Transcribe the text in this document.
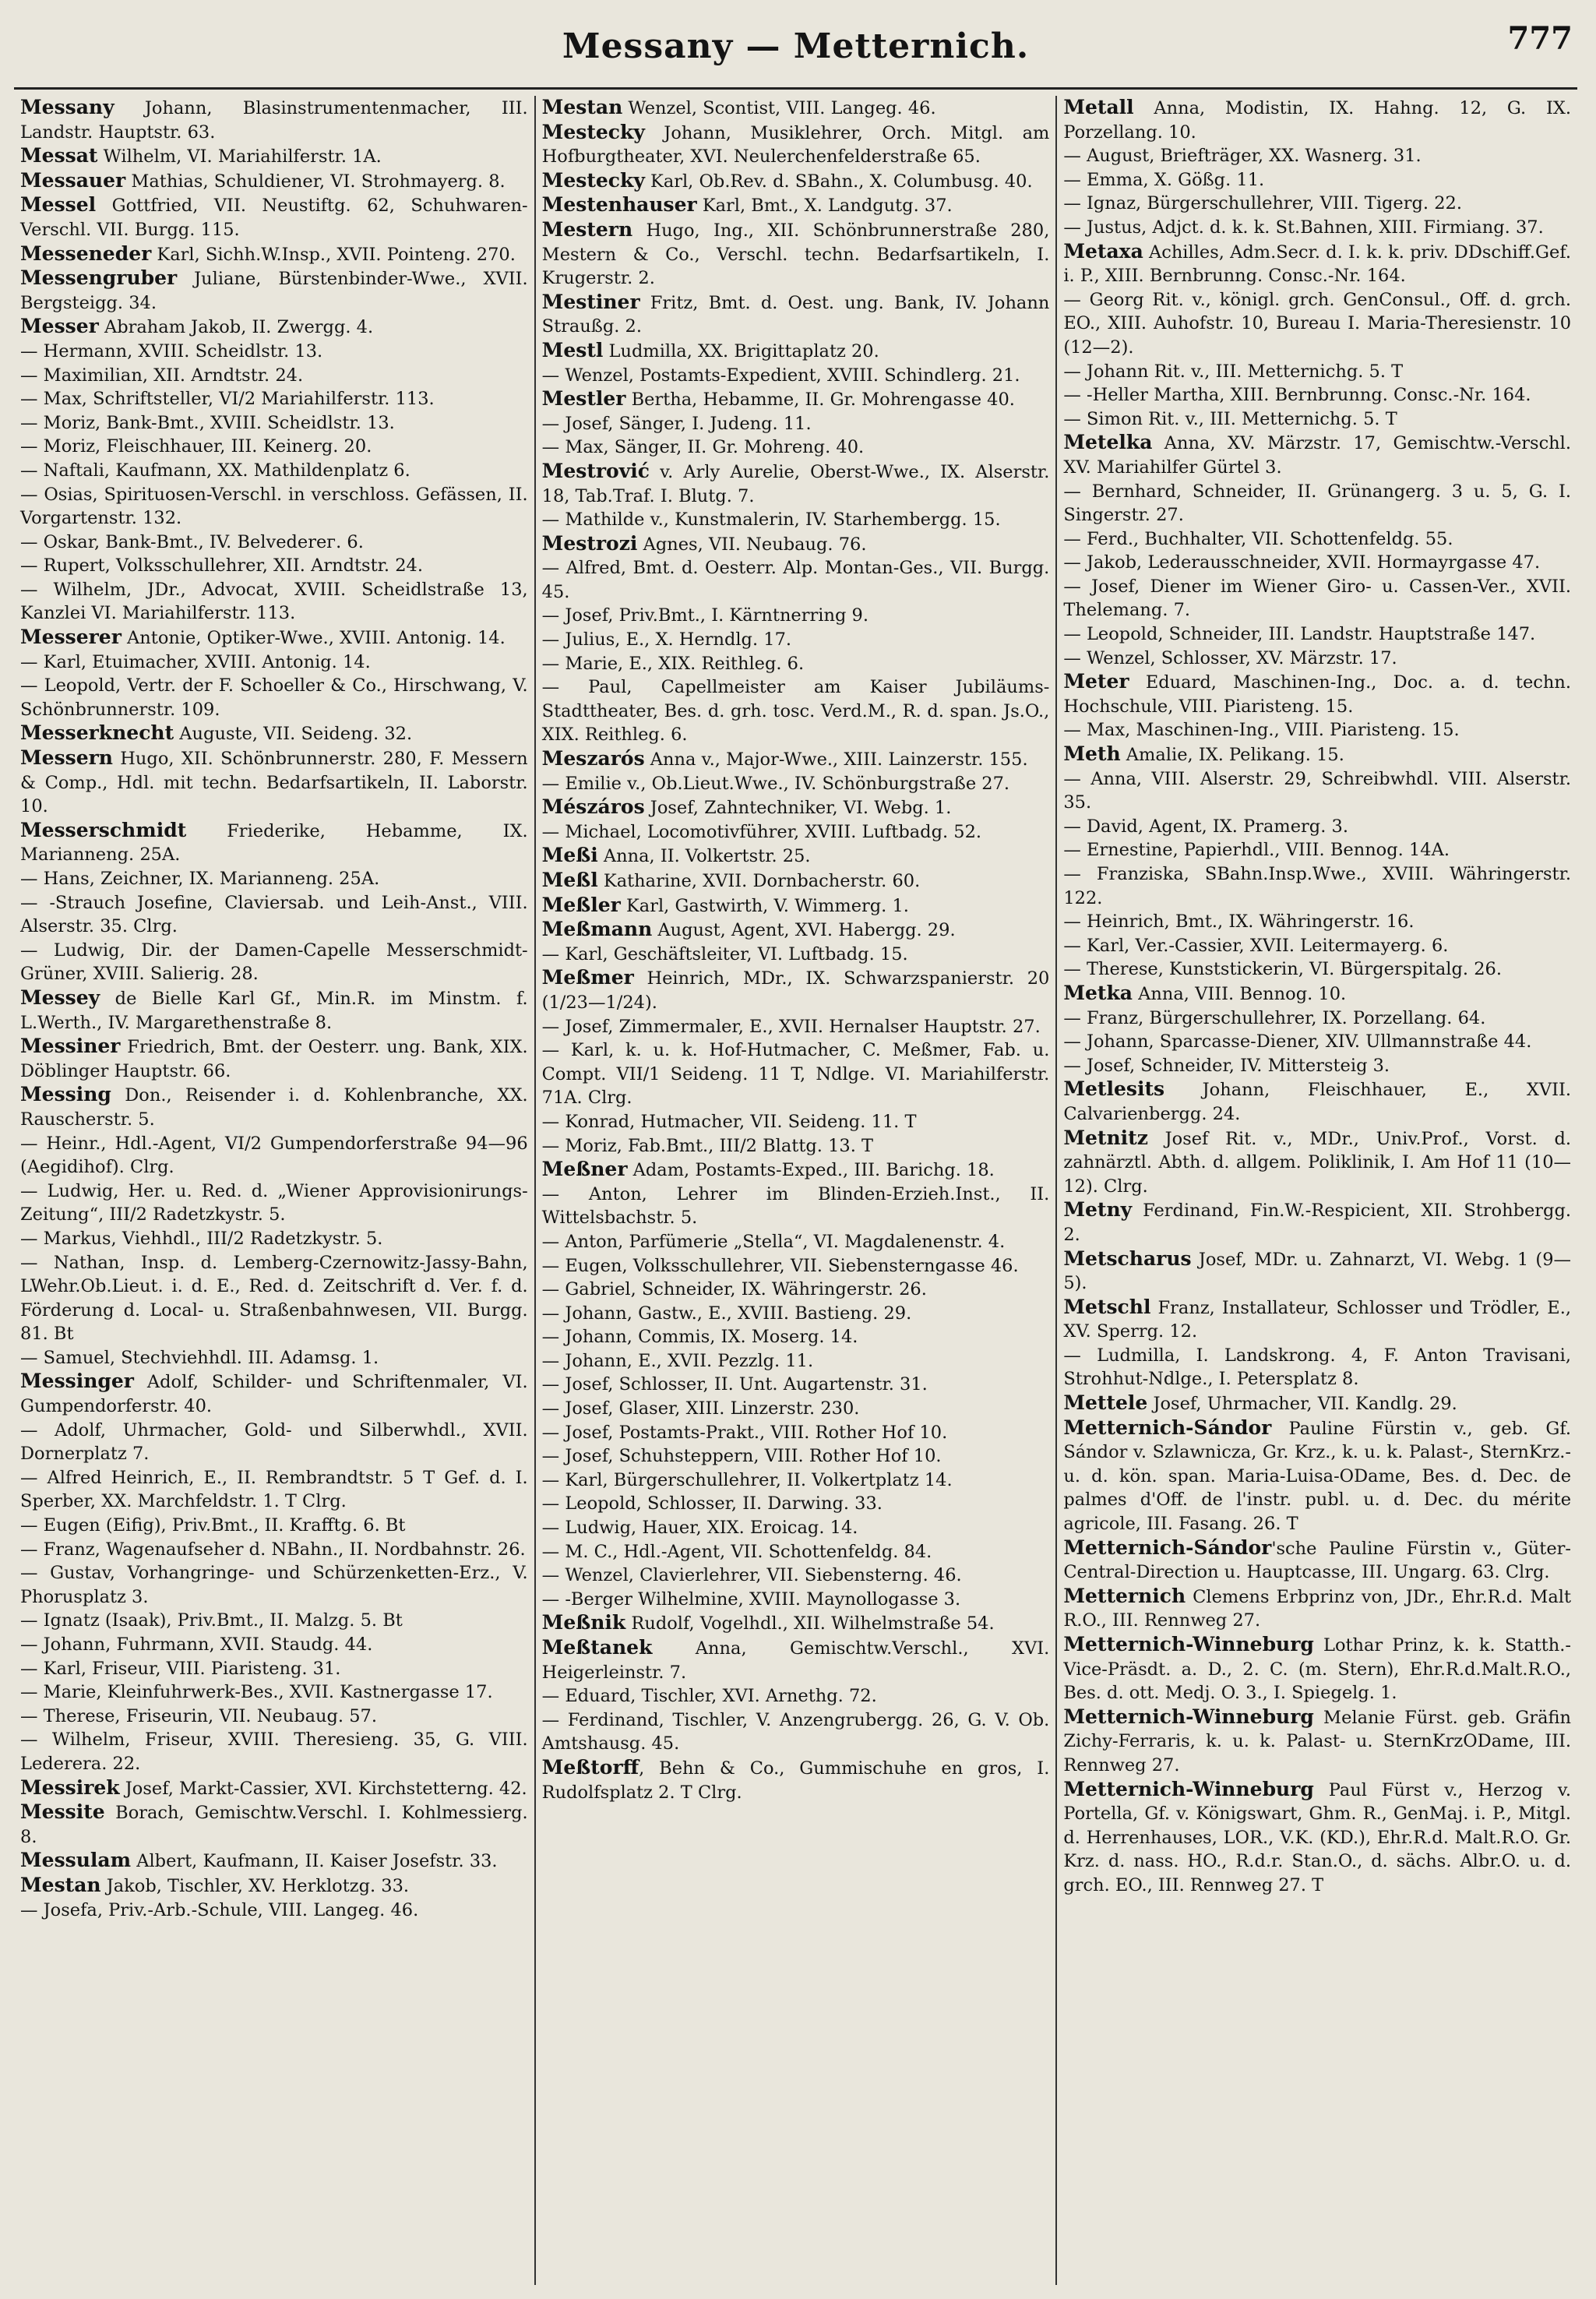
Messany — Metternich.	777

Messany Johann, Blasinstrumentenmacher, III. Landstr. Hauptstr. 63.

Messat Wilhelm, VI. Mariahilferstr. 1A.

Messauer Mathias, Schuldiener, VI. Strohmayerg. 8.

Messel Gottfried, VII. Neustiftg. 62, Schuhwaren-Verschl. VII. Burgg. 115.

Messeneder Karl, Sichh.W.Insp., XVII. Pointeng. 270.

Messengruber Juliane, Bürstenbinder-Wwe., XVII. Bergsteigg. 34.

Messer Abraham Jakob, II. Zwergg. 4.

— Hermann, XVIII. Scheidlstr. 13.

— Maximilian, XII. Arndtstr. 24.

— Max, Schriftsteller, VI/2 Mariahilferstr. 113.

— Moriz, Bank-Bmt., XVIII. Scheidlstr. 13.

— Moriz, Fleischhauer, III. Keinerg. 20.

— Naftali, Kaufmann, XX. Mathildenplatz 6.

— Osias, Spirituosen-Verschl. in verschloss. Gefässen, II. Vorgartenstr. 132.

— Oskar, Bank-Bmt., IV. Belvederег. 6.

— Rupert, Volksschullehrer, XII. Arndtstr. 24.

— Wilhelm, JDr., Advocat, XVIII. Scheidlstraße 13, Kanzlei VI. Mariahilferstr. 113.

Messerer Antonie, Optiker-Wwe., XVIII. Antonig. 14.

— Karl, Etuimacher, XVIII. Antonig. 14.

— Leopold, Vertr. der F. Schoeller & Co., Hirschwang, V. Schönbrunnerstr. 109.

Messerknecht Auguste, VII. Seideng. 32.

Messern Hugo, XII. Schönbrunnerstr. 280, F. Messern & Comp., Hdl. mit techn. Bedarfsartikeln, II. Laborstr. 10.

Messerschmidt Friederike, Hebamme, IX. Marianneng. 25A.

— Hans, Zeichner, IX. Marianneng. 25A.

— -Strauch Josefine, Claviersab. und Leih-Anst., VIII. Alserstr. 35. Clrg.

— Ludwig, Dir. der Damen-Capelle Messerschmidt-Grüner, XVIII. Salierig. 28.

Messey de Bielle Karl Gf., Min.R. im Minstm. f. L.Werth., IV. Margarethenstraße 8.

Messiner Friedrich, Bmt. der Oesterr. ung. Bank, XIX. Döblinger Hauptstr. 66.

Messing Don., Reisender i. d. Kohlenbranche, XX. Rauscherstr. 5.

— Heinr., Hdl.-Agent, VI/2 Gumpendorferstraße 94—96 (Aegidihof). Clrg.

— Ludwig, Her. u. Red. d. „Wiener Approvisionirungs-Zeitung“, III/2 Radetzkystr. 5.

— Markus, Viehhdl., III/2 Radetzkystr. 5.

— Nathan, Insp. d. Lemberg-Czernowitz-Jassy-Bahn, LWehr.Ob.Lieut. i. d. E., Red. d. Zeitschrift d. Ver. f. d. Förderung d. Local- u. Straßenbahnwesen, VII. Burgg. 81. Bt

— Samuel, Stechviehhdl. III. Adamsg. 1.

Messinger Adolf, Schilder- und Schriftenmaler, VI. Gumpendorferstr. 40.

— Adolf, Uhrmacher, Gold- und Silberwhdl., XVII. Dornerplatz 7.

— Alfred Heinrich, E., II. Rembrandtstr. 5 T Gef. d. I. Sperber, XX. Marchfeldstr. 1. T Clrg.

— Eugen (Eifig), Priv.Bmt., II. Krafftg. 6. Bt

— Franz, Wagenaufseher d. NBahn., II. Nordbahnstr. 26.

— Gustav, Vorhangringe- und Schürzenketten-Erz., V. Phorusplatz 3.

— Ignatz (Isaak), Priv.Bmt., II. Malzg. 5. Bt

— Johann, Fuhrmann, XVII. Staudg. 44.

— Karl, Friseur, VIII. Piaristeng. 31.

— Marie, Kleinfuhrwerk-Bes., XVII. Kastnergasse 17.

— Therese, Friseurin, VII. Neubaug. 57.

— Wilhelm, Friseur, XVIII. Theresieng. 35, G. VIII. Lederera. 22.

Messirek Josef, Markt-Cassier, XVI. Kirchstetterng. 42.

Messite Borach, Gemischtw.Verschl. I. Kohlmessierg. 8.

Messulam Albert, Kaufmann, II. Kaiser Josefstr. 33.

Mestan Jakob, Tischler, XV. Herklotzg. 33.

— Josefa, Priv.-Arb.-Schule, VIII. Langeg. 46.

Mestan Wenzel, Scontist, VIII. Langeg. 46.

Mestecky Johann, Musiklehrer, Orch. Mitgl. am Hofburgtheater, XVI. Neulerchenfelderstraße 65.

Mestecky Karl, Ob.Rev. d. SBahn., X. Columbusg. 40.

Mestenhauser Karl, Bmt., X. Landgutg. 37.

Mestern Hugo, Ing., XII. Schönbrunnerstraße 280, Mestern & Co., Verschl. techn. Bedarfsartikeln, I. Krugerstr. 2.

Mestiner Fritz, Bmt. d. Oest. ung. Bank, IV. Johann Straußg. 2.

Mestl Ludmilla, XX. Brigittaplatz 20.

— Wenzel, Postamts-Expedient, XVIII. Schindlerg. 21.

Mestler Bertha, Hebamme, II. Gr. Mohrengasse 40.

— Josef, Sänger, I. Judeng. 11.

— Max, Sänger, II. Gr. Mohreng. 40.

Mestrović v. Arly Aurelie, Oberst-Wwe., IX. Alserstr. 18, Tab.Traf. I. Blutg. 7.

— Mathilde v., Kunstmalerin, IV. Starhembergg. 15.

Mestrozi Agnes, VII. Neubaug. 76.

— Alfred, Bmt. d. Oesterr. Alp. Montan-Ges., VII. Burgg. 45.

— Josef, Priv.Bmt., I. Kärntnerring 9.

— Julius, E., X. Herndlg. 17.

— Marie, E., XIX. Reithleg. 6.

— Paul, Capellmeister am Kaiser Jubiläums-Stadttheater, Bes. d. grh. tosc. Verd.M., R. d. span. Js.O., XIX. Reithleg. 6.

Meszarós Anna v., Major-Wwe., XIII. Lainzerstr. 155.

— Emilie v., Ob.Lieut.Wwe., IV. Schönburgstraße 27.

Mészáros Josef, Zahntechniker, VI. Webg. 1.

— Michael, Locomotivführer, XVIII. Luftbadg. 52.

Meßi Anna, II. Volkertstr. 25.

Meßl Katharine, XVII. Dornbacherstr. 60.

Meßler Karl, Gastwirth, V. Wimmerg. 1.

Meßmann August, Agent, XVI. Habergg. 29.

— Karl, Geschäftsleiter, VI. Luftbadg. 15.

Meßmer Heinrich, MDr., IX. Schwarzspanierstr. 20 (1/23—1/24).

— Josef, Zimmermaler, E., XVII. Hernalser Hauptstr. 27.

— Karl, k. u. k. Hof-Hutmacher, C. Meßmer, Fab. u. Compt. VII/1 Seideng. 11 T, Ndlge. VI. Mariahilferstr. 71A. Clrg.

— Konrad, Hutmacher, VII. Seideng. 11. T

— Moriz, Fab.Bmt., III/2 Blattg. 13. T

Meßner Adam, Postamts-Exped., III. Barichg. 18.

— Anton, Lehrer im Blinden-Erzieh.Inst., II. Wittelsbachstr. 5.

— Anton, Parfümerie „Stella“, VI. Magdalenenstr. 4.

— Eugen, Volksschullehrer, VII. Siebensterngasse 46.

— Gabriel, Schneider, IX. Währingerstr. 26.

— Johann, Gastw., E., XVIII. Bastieng. 29.

— Johann, Commis, IX. Moserg. 14.

— Johann, E., XVII. Pezzlg. 11.

— Josef, Schlosser, II. Unt. Augartenstr. 31.

— Josef, Glaser, XIII. Linzerstr. 230.

— Josef, Postamts-Prakt., VIII. Rother Hof 10.

— Josef, Schuhsteppern, VIII. Rother Hof 10.

— Karl, Bürgerschullehrer, II. Volkertplatz 14.

— Leopold, Schlosser, II. Darwing. 33.

— Ludwig, Hauer, XIX. Eroicag. 14.

— M. C., Hdl.-Agent, VII. Schottenfeldg. 84.

— Wenzel, Clavierlehrer, VII. Siebensterng. 46.

— -Berger Wilhelmine, XVIII. Maynollogasse 3.

Meßnik Rudolf, Vogelhdl., XII. Wilhelmstraße 54.

Meßtanek Anna, Gemischtw.Verschl., XVI. Heigerleinstr. 7.

— Eduard, Tischler, XVI. Arnethg. 72.

— Ferdinand, Tischler, V. Anzengrubergg. 26, G. V. Ob. Amtshausg. 45.

Meßtorff, Behn & Co., Gummischuhe en gros, I. Rudolfsplatz 2. T Clrg.

Metall Anna, Modistin, IX. Hahng. 12, G. IX. Porzellang. 10.

— August, Briefträger, XX. Wasnerg. 31.

— Emma, X. Gößg. 11.

— Ignaz, Bürgerschullehrer, VIII. Tigerg. 22.

— Justus, Adjct. d. k. k. St.Bahnen, XIII. Firmiang. 37.

Metaxa Achilles, Adm.Secr. d. I. k. k. priv. DDschiff.Gef. i. P., XIII. Bernbrunng. Consc.-Nr. 164.

— Georg Rit. v., königl. grch. GenConsul., Off. d. grch. EO., XIII. Auhofstr. 10, Bureau I. Maria-Theresienstr. 10 (12—2).

— Johann Rit. v., III. Metternichg. 5. T

— -Heller Martha, XIII. Bernbrunng. Consc.-Nr. 164.

— Simon Rit. v., III. Metternichg. 5. T

Metelka Anna, XV. Märzstr. 17, Gemischtw.-Verschl. XV. Mariahilfer Gürtel 3.

— Bernhard, Schneider, II. Grünangerg. 3 u. 5, G. I. Singerstr. 27.

— Ferd., Buchhalter, VII. Schottenfeldg. 55.

— Jakob, Lederausschneider, XVII. Hormayrgasse 47.

— Josef, Diener im Wiener Giro- u. Cassen-Ver., XVII. Thelemang. 7.

— Leopold, Schneider, III. Landstr. Hauptstraße 147.

— Wenzel, Schlosser, XV. Märzstr. 17.

Meter Eduard, Maschinen-Ing., Doc. a. d. techn. Hochschule, VIII. Piaristeng. 15.

— Max, Maschinen-Ing., VIII. Piaristeng. 15.

Meth Amalie, IX. Pelikang. 15.

— Anna, VIII. Alserstr. 29, Schreibwhdl. VIII. Alserstr. 35.

— David, Agent, IX. Pramerg. 3.

— Ernestine, Papierhdl., VIII. Bennog. 14A.

— Franziska, SBahn.Insp.Wwe., XVIII. Währingerstr. 122.

— Heinrich, Bmt., IX. Währingerstr. 16.

— Karl, Ver.-Cassier, XVII. Leitermayerg. 6.

— Therese, Kunststickerin, VI. Bürgerspitalg. 26.

Metka Anna, VIII. Bennog. 10.

— Franz, Bürgerschullehrer, IX. Porzellang. 64.

— Johann, Sparcasse-Diener, XIV. Ullmannstraße 44.

— Josef, Schneider, IV. Mittersteig 3.

Metlesits Johann, Fleischhauer, E., XVII. Calvarienbergg. 24.

Metnitz Josef Rit. v., MDr., Univ.Prof., Vorst. d. zahnärztl. Abth. d. allgem. Poliklinik, I. Am Hof 11 (10—12). Clrg.

Metny Ferdinand, Fin.W.-Respicient, XII. Strohbergg. 2.

Metscharus Josef, MDr. u. Zahnarzt, VI. Webg. 1 (9—5).

Metschl Franz, Installateur, Schlosser und Trödler, E., XV. Sperrg. 12.

— Ludmilla, I. Landskrong. 4, F. Anton Travisani, Strohhut-Ndlge., I. Petersplatz 8.

Mettele Josef, Uhrmacher, VII. Kandlg. 29.

Metternich-Sándor Pauline Fürstin v., geb. Gf. Sándor v. Szlawnicza, Gr. Krz., k. u. k. Palast-, SternKrz.- u. d. kön. span. Maria-Luisa-ODame, Bes. d. Dec. de palmes d'Off. de l'instr. publ. u. d. Dec. du mérite agricole, III. Fasang. 26. T

Metternich-Sándor'sche Pauline Fürstin v., Güter-Central-Direction u. Hauptcasse, III. Ungarg. 63. Clrg.

Metternich Clemens Erbprinz von, JDr., Ehr.R.d. Malt R.O., III. Rennweg 27.

Metternich-Winneburg Lothar Prinz, k. k. Statth.-Vice-Präsdt. a. D., 2. C. (m. Stern), Ehr.R.d.Malt.R.O., Bes. d. ott. Medj. O. 3., I. Spiegelg. 1.

Metternich-Winneburg Melanie Fürst. geb. Gräfin Zichy-Ferraris, k. u. k. Palast- u. SternKrzODame, III. Rennweg 27.

Metternich-Winneburg Paul Fürst v., Herzog v. Portella, Gf. v. Königswart, Ghm. R., GenMaj. i. P., Mitgl. d. Herrenhauses, LOR., V.K. (KD.), Ehr.R.d. Malt.R.O. Gr. Krz. d. nass. HO., R.d.r. Stan.O., d. sächs. Albr.O. u. d. grch. EO., III. Rennweg 27. T
